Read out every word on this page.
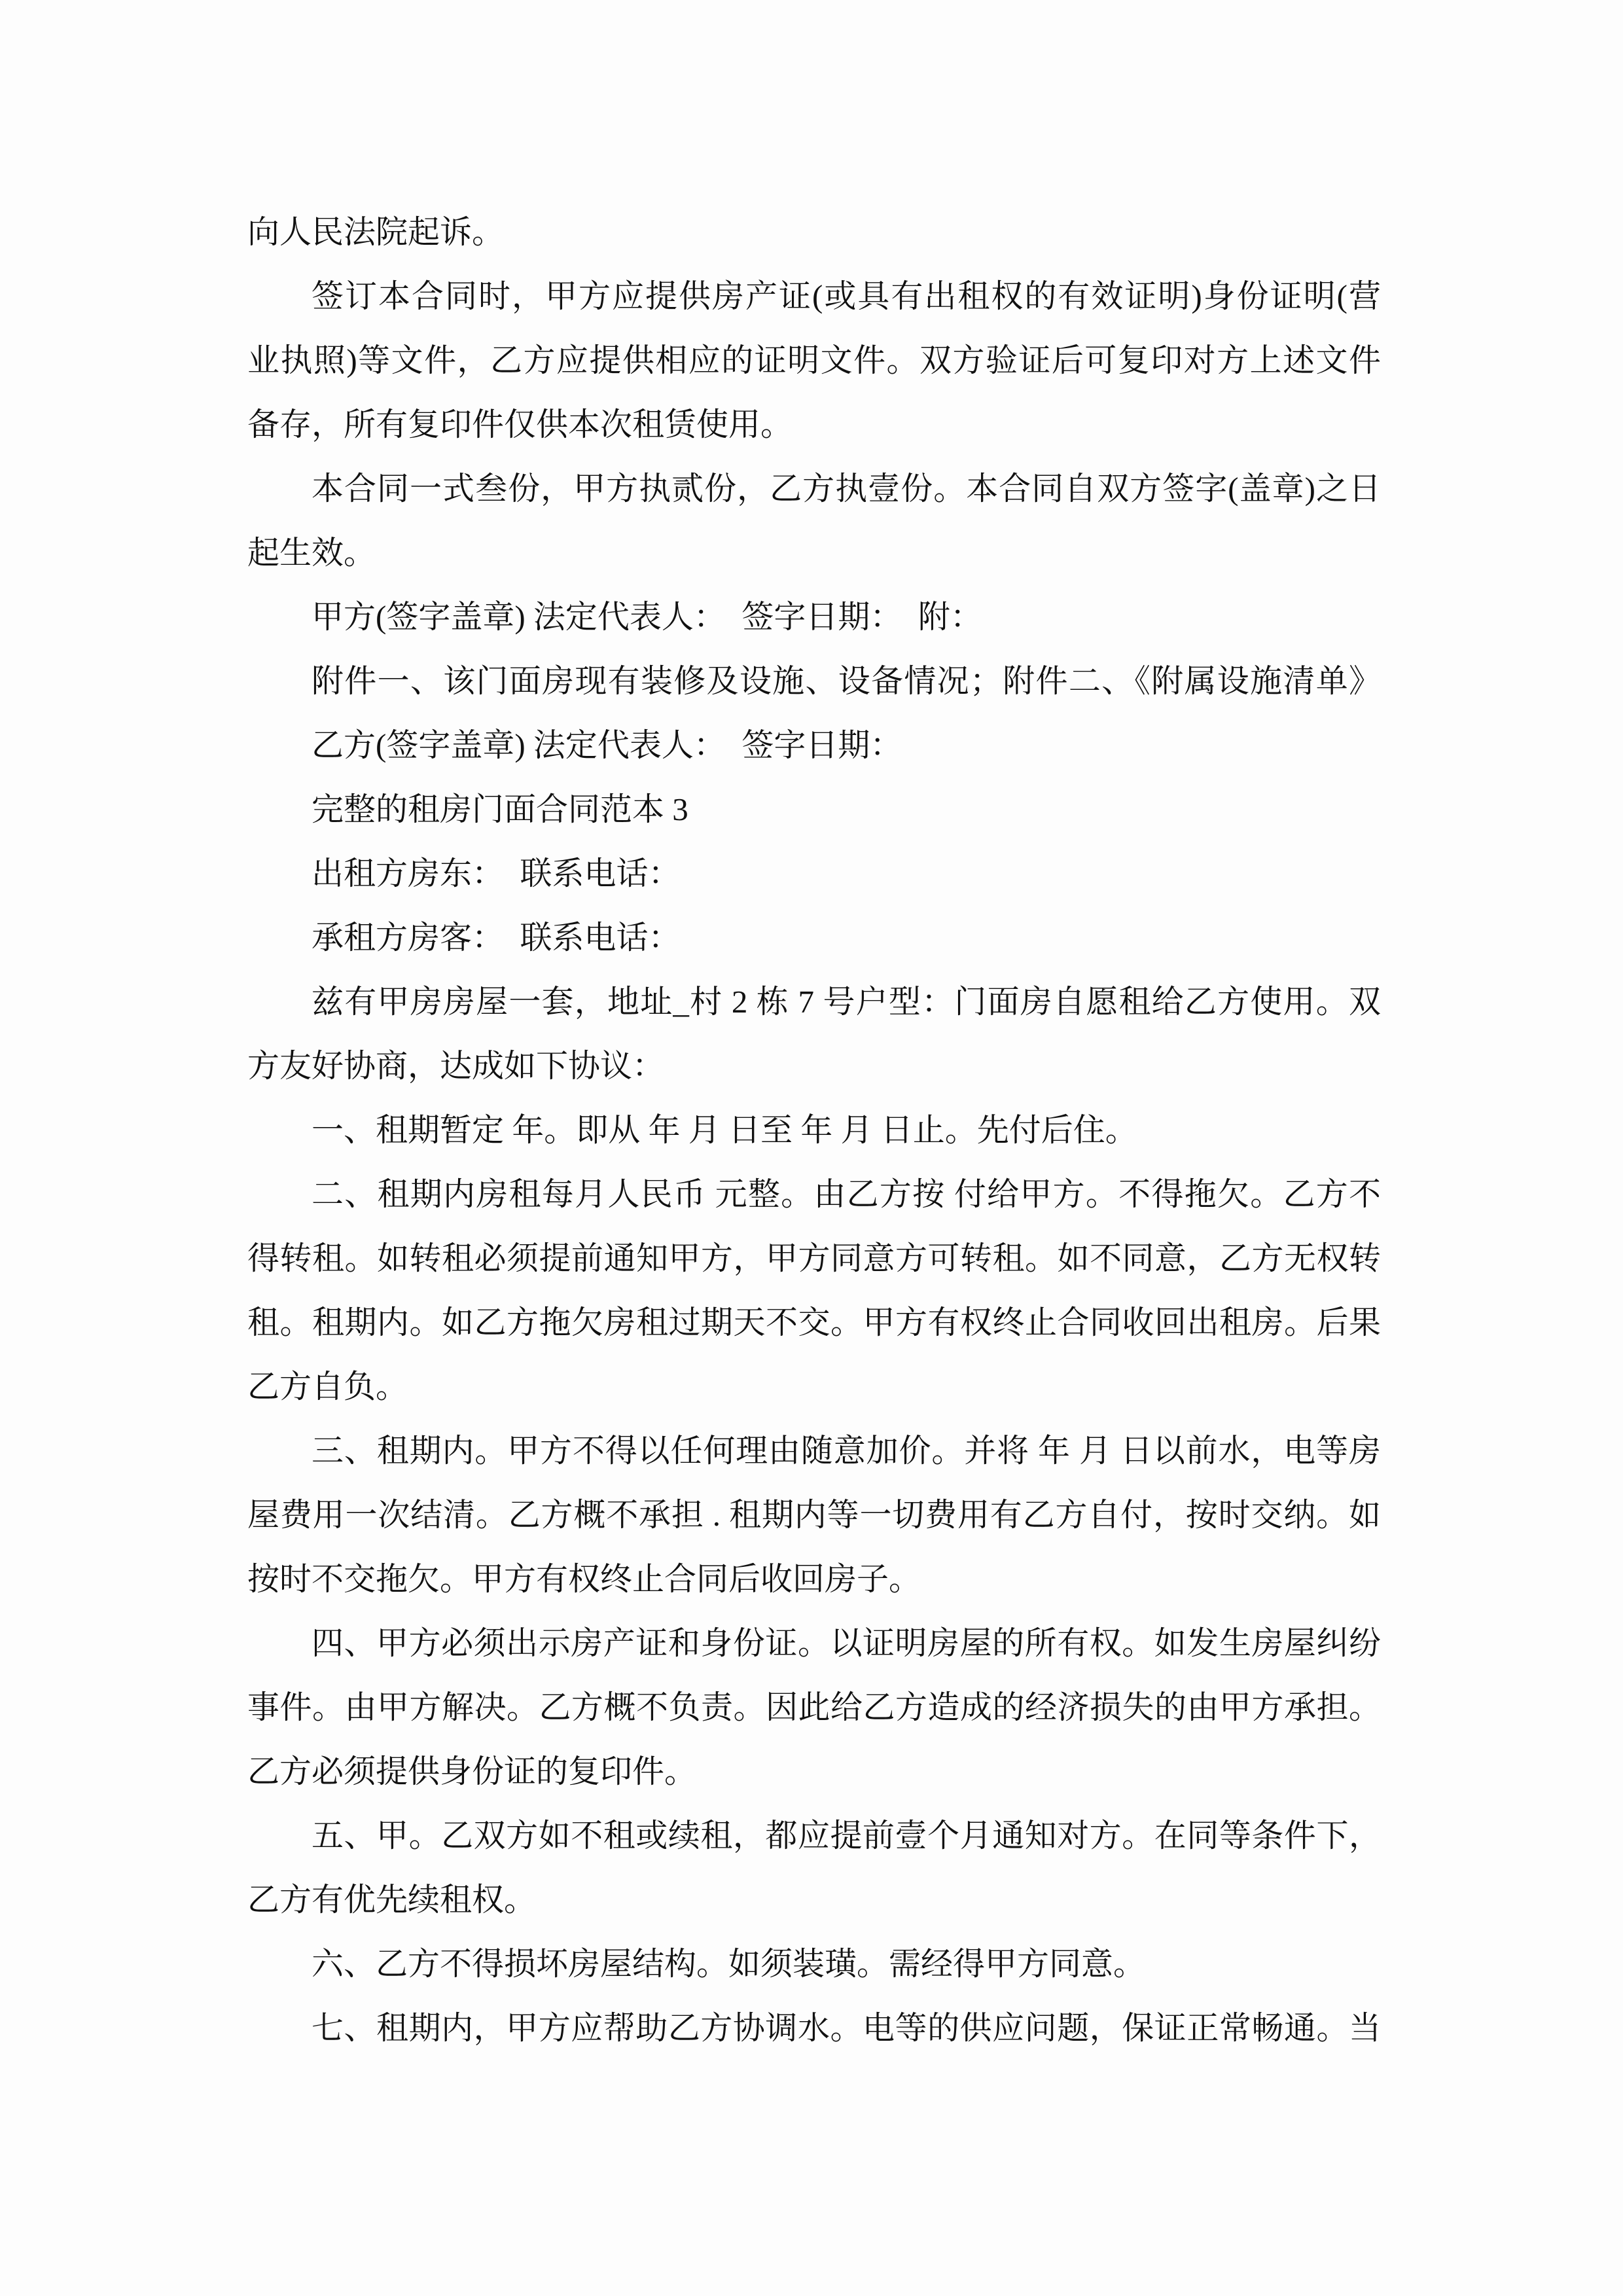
向人民法院起诉。
签订本合同时，甲方应提供房产证(或具有出租权的有效证明)身份证明(营
业执照)等文件，乙方应提供相应的证明文件。双方验证后可复印对方上述文件
备存，所有复印件仅供本次租赁使用。
本合同一式叁份，甲方执贰份，乙方执壹份。本合同自双方签字(盖章)之日
起生效。
甲方(签字盖章) 法定代表人：  签字日期：  附：
附件一、该门面房现有装修及设施、设备情况；附件二、《附属设施清单》
乙方(签字盖章) 法定代表人：  签字日期：
完整的租房门面合同范本 3
出租方房东：  联系电话：
承租方房客：  联系电话：
兹有甲房房屋一套，地址_村 2 栋 7 号户型：门面房自愿租给乙方使用。双
方友好协商，达成如下协议：
一、租期暂定 年。即从 年 月 日至 年 月 日止。先付后住。
二、租期内房租每月人民币 元整。由乙方按 付给甲方。不得拖欠。乙方不
得转租。如转租必须提前通知甲方，甲方同意方可转租。如不同意，乙方无权转
租。租期内。如乙方拖欠房租过期天不交。甲方有权终止合同收回出租房。后果
乙方自负。
三、租期内。甲方不得以任何理由随意加价。并将 年 月 日以前水，电等房
屋费用一次结清。乙方概不承担 . 租期内等一切费用有乙方自付，按时交纳。如
按时不交拖欠。甲方有权终止合同后收回房子。
四、甲方必须出示房产证和身份证。以证明房屋的所有权。如发生房屋纠纷
事件。由甲方解决。乙方概不负责。因此给乙方造成的经济损失的由甲方承担。
乙方必须提供身份证的复印件。
五、甲。乙双方如不租或续租，都应提前壹个月通知对方。在同等条件下，
乙方有优先续租权。
六、乙方不得损坏房屋结构。如须装璜。需经得甲方同意。
七、租期内，甲方应帮助乙方协调水。电等的供应问题，保证正常畅通。当
